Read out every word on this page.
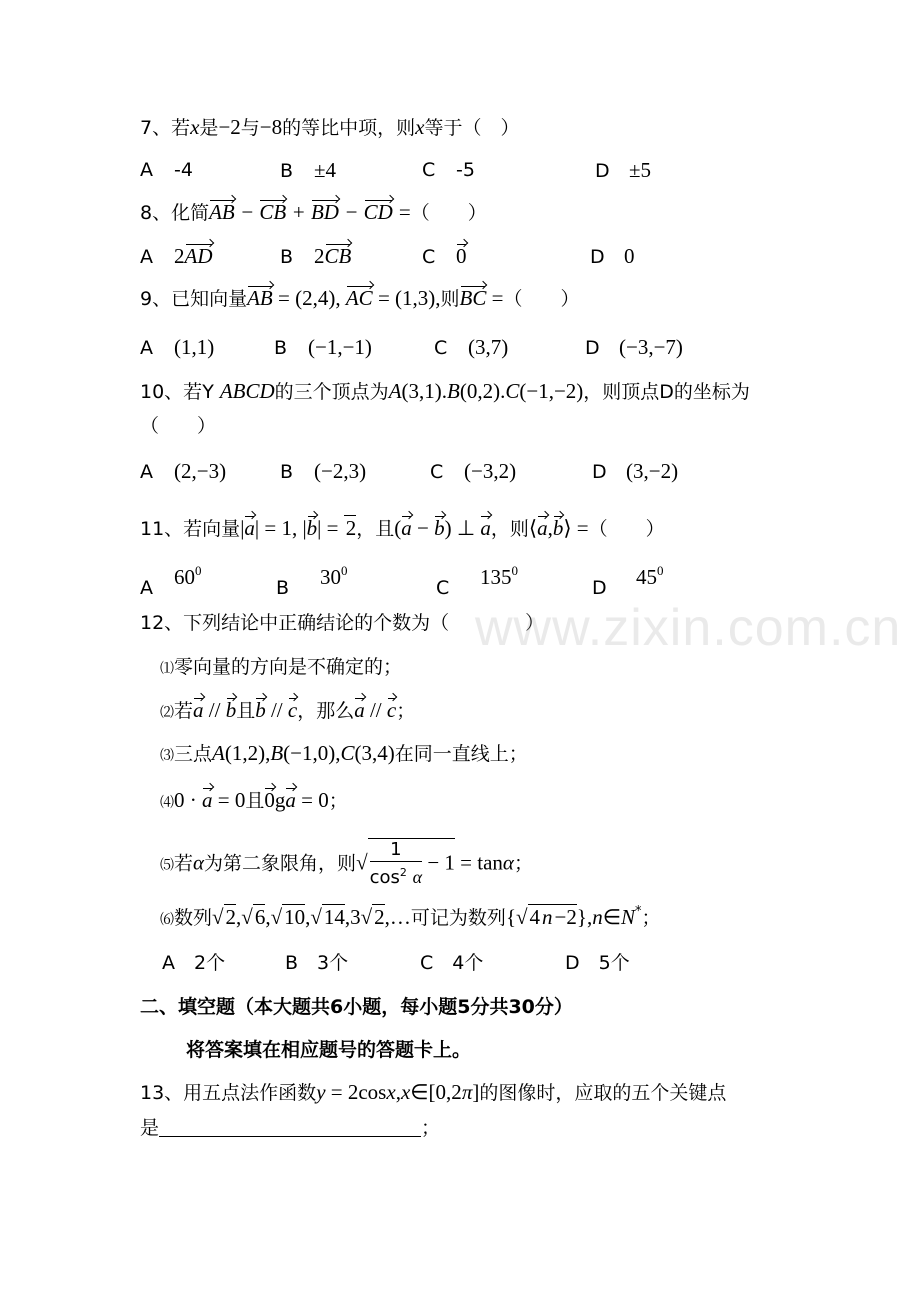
7、若x是−2与−8的等比中项，则x等于（　）
A -4	B ±4	C -5	D ±5
8、化简AB − CB + BD − CD =（　　）
A 2AD	B 2CB	C 0	D 0
9、已知向量AB = (2,4), AC = (1,3),则BC =（　　）
A (1,1)	B (−1,−1)	C (3,7)	D (−3,−7)
10、若Y ABCD的三个顶点为A(3,1).B(0,2).C(−1,−2)，则顶点D的坐标为
（　　）
A (2,−3)	B (−2,3)	C (−3,2)	D (3,−2)
11、若向量|a| = 1, |b| = 2，且(a − b) ⊥ a，则⟨a,b⟩ =（　　）
A $60^0$
B $30^0$
C $135^0$
D $45^0$
12、下列结论中正确结论的个数为（　　　　）
⑴零向量的方向是不确定的；
⑵若a // b且b // c，那么a // c；
⑶三点A(1,2),B(−1,0),C(3,4)在同一直线上；
⑷0 · a = 0且0ga = 0；
⑸若α为第二象限角，则√ $\frac{1}{\cos^2 \alpha} - 1 = \tan\alpha$；
⑹数列√2,√6,√10,√14,3√2,…可记为数列{√4n−2},n∈N*；
A　2个	B　3个	C　4个	D　5个
二、填空题（本大题共6小题，每小题5分共30分）
将答案填在相应题号的答题卡上。
13、用五点法作函数y = 2cosx,x∈[0,2π]的图像时，应取的五个关键点
是	；
www.zixin.com.cn
